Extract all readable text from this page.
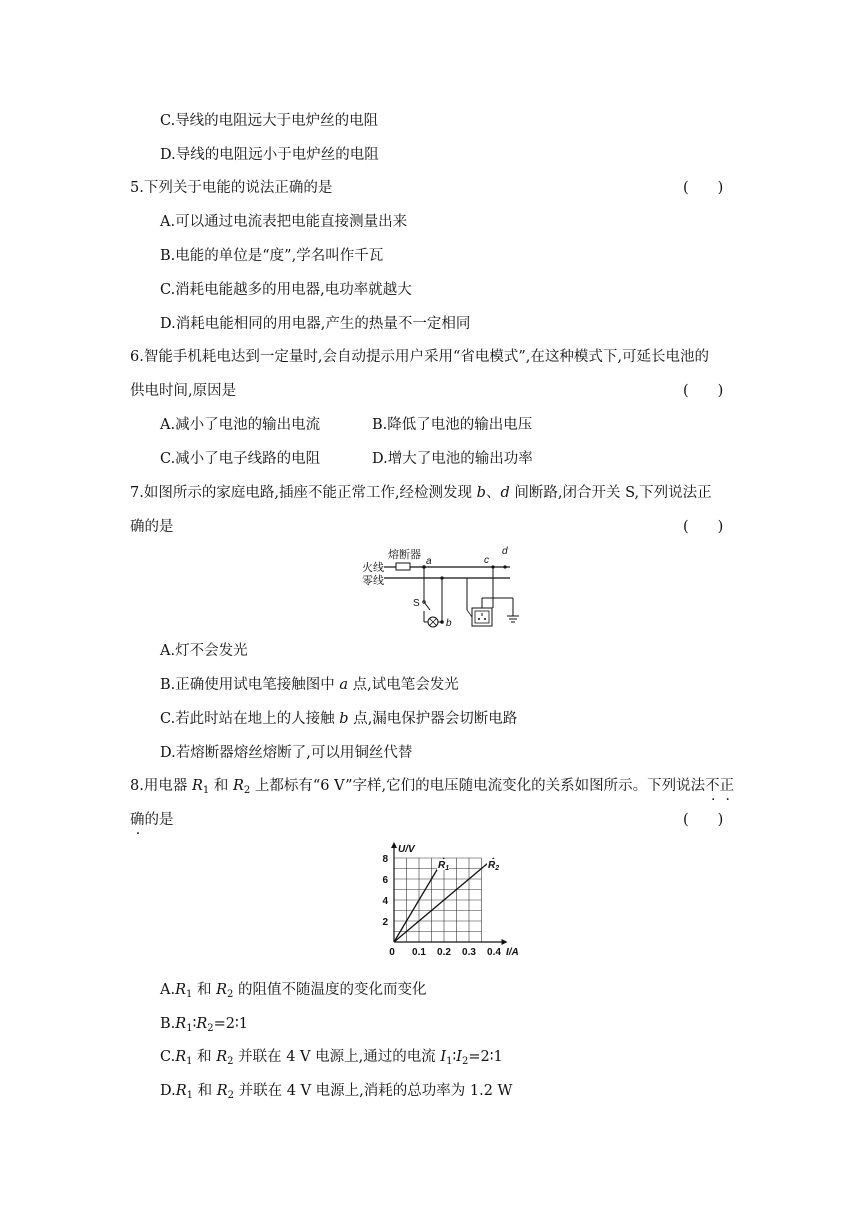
C.导线的电阻远大于电炉丝的电阻
D.导线的电阻远小于电炉丝的电阻
5.下列关于电能的说法正确的是	(　　)
A.可以通过电流表把电能直接测量出来
B.电能的单位是“度”,学名叫作千瓦
C.消耗电能越多的用电器,电功率就越大
D.消耗电能相同的用电器,产生的热量不一定相同
6.智能手机耗电达到一定量时,会自动提示用户采用“省电模式”,在这种模式下,可延长电池的
供电时间,原因是	(　　)
A.减小了电池的输出电流	B.降低了电池的输出电压
C.减小了电子线路的电阻	D.增大了电池的输出功率
7.如图所示的家庭电路,插座不能正常工作,经检测发现 b、d 间断路,闭合开关 S,下列说法正
确的是	(　　)
熔断器
火线
零线
a
S
b
c
d
A.灯不会发光
B.正确使用试电笔接触图中 a 点,试电笔会发光
C.若此时站在地上的人接触 b 点,漏电保护器会切断电路
D.若熔断器熔丝熔断了,可以用铜丝代替
8.用电器 $R_1$ 和 $R_2$ 上都标有“6 V”字样,它们的电压随电流变化的关系如图所示。下列说法不正
确的是	(　　)
0 0.1 0.2 0.3 0.4
2
4
6
8
I/A
U/V
$R_1$	$R_2$
$A.R_1$ 和 $R_2$ 的阻值不随温度的变化而变化
$B.R_1∶R_2=2∶1$
$C.R_1$ 和 $R_2$ 并联在 4 V 电源上,通过的电流 $I_1∶I_2=2∶1$
$D.R_1$ 和 $R_2$ 并联在 4 V 电源上,消耗的总功率为 1.2 W
